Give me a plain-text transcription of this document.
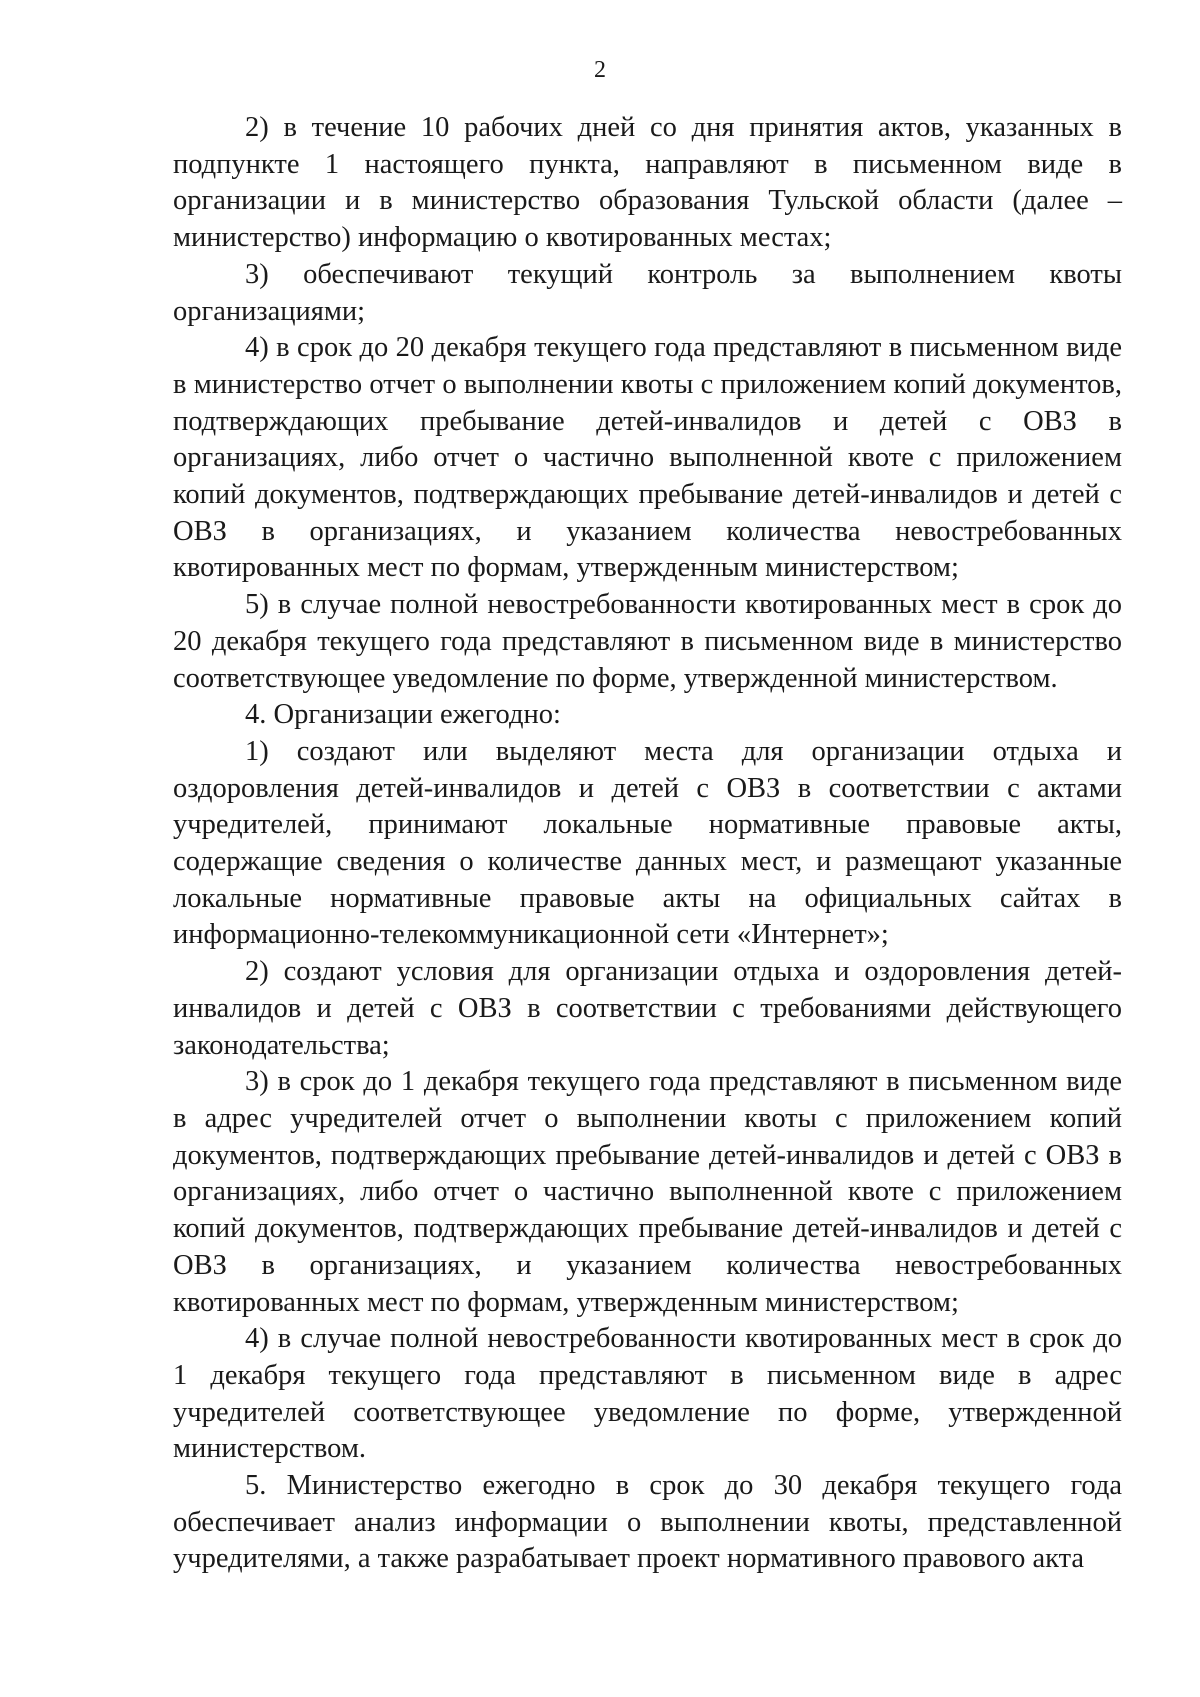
2

2) в течение 10 рабочих дней со дня принятия актов, указанных в подпункте 1 настоящего пункта, направляют в письменном виде в организации и в министерство образования Тульской области (далее – министерство) информацию о квотированных местах;

3) обеспечивают текущий контроль за выполнением квоты организациями;

4) в срок до 20 декабря текущего года представляют в письменном виде в министерство отчет о выполнении квоты с приложением копий документов, подтверждающих пребывание детей-инвалидов и детей с ОВЗ в организациях, либо отчет о частично выполненной квоте с приложением копий документов, подтверждающих пребывание детей-инвалидов и детей с ОВЗ в организациях, и указанием количества невостребованных квотированных мест по формам, утвержденным министерством;

5) в случае полной невостребованности квотированных мест в срок до 20 декабря текущего года представляют в письменном виде в министерство соответствующее уведомление по форме, утвержденной министерством.

4. Организации ежегодно:

1) создают или выделяют места для организации отдыха и оздоровления детей-инвалидов и детей с ОВЗ в соответствии с актами учредителей, принимают локальные нормативные правовые акты, содержащие сведения о количестве данных мест, и размещают указанные локальные нормативные правовые акты на официальных сайтах в информационно-телекоммуникационной сети «Интернет»;

2) создают условия для организации отдыха и оздоровления детей-инвалидов и детей с ОВЗ в соответствии с требованиями действующего законодательства;

3) в срок до 1 декабря текущего года представляют в письменном виде в адрес учредителей отчет о выполнении квоты с приложением копий документов, подтверждающих пребывание детей-инвалидов и детей с ОВЗ в организациях, либо отчет о частично выполненной квоте с приложением копий документов, подтверждающих пребывание детей-инвалидов и детей с ОВЗ в организациях, и указанием количества невостребованных квотированных мест по формам, утвержденным министерством;

4) в случае полной невостребованности квотированных мест в срок до 1 декабря текущего года представляют в письменном виде в адрес учредителей соответствующее уведомление по форме, утвержденной министерством.

5. Министерство ежегодно в срок до 30 декабря текущего года обеспечивает анализ информации о выполнении квоты, представленной учредителями, а также разрабатывает проект нормативного правового акта
